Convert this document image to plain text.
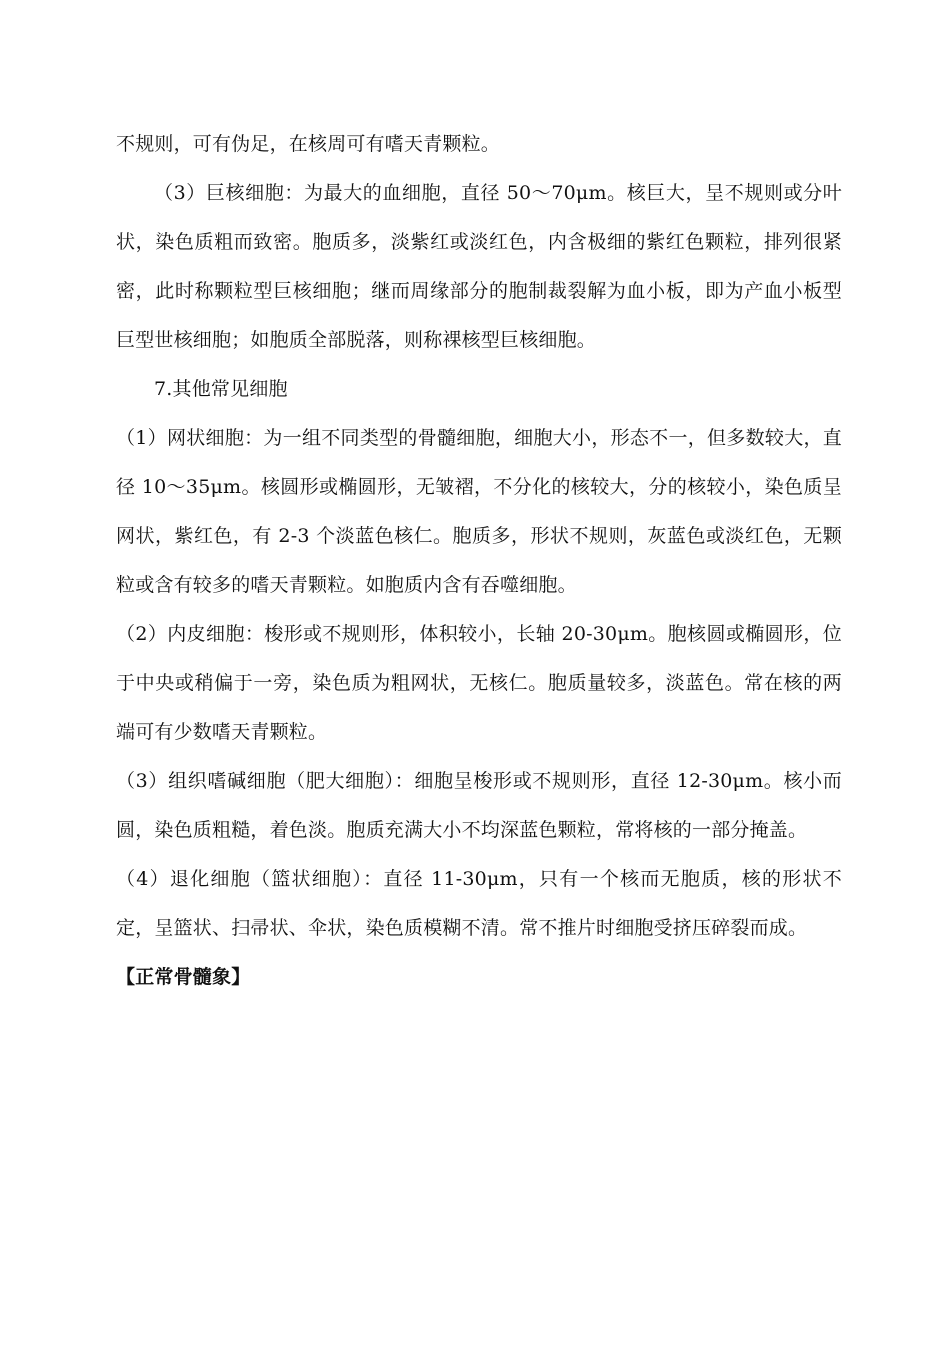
不规则，可有伪足，在核周可有嗜天青颗粒。

（3）巨核细胞：为最大的血细胞，直径 50～70μm。核巨大，呈不规则或分叶状，染色质粗而致密。胞质多，淡紫红或淡红色，内含极细的紫红色颗粒，排列很紧密，此时称颗粒型巨核细胞；继而周缘部分的胞制裁裂解为血小板，即为产血小板型巨型世核细胞；如胞质全部脱落，则称裸核型巨核细胞。

7.其他常见细胞

（1）网状细胞：为一组不同类型的骨髓细胞，细胞大小，形态不一，但多数较大，直径 10～35μm。核圆形或椭圆形，无皱褶，不分化的核较大，分的核较小，染色质呈网状，紫红色，有 2-3 个淡蓝色核仁。胞质多，形状不规则，灰蓝色或淡红色，无颗粒或含有较多的嗜天青颗粒。如胞质内含有吞噬细胞。

（2）内皮细胞：梭形或不规则形，体积较小，长轴 20-30μm。胞核圆或椭圆形，位于中央或稍偏于一旁，染色质为粗网状，无核仁。胞质量较多，淡蓝色。常在核的两端可有少数嗜天青颗粒。

（3）组织嗜碱细胞（肥大细胞）：细胞呈梭形或不规则形，直径 12-30μm。核小而圆，染色质粗糙，着色淡。胞质充满大小不均深蓝色颗粒，常将核的一部分掩盖。

（4）退化细胞（篮状细胞）：直径 11-30μm，只有一个核而无胞质，核的形状不定，呈篮状、扫帚状、伞状，染色质模糊不清。常不推片时细胞受挤压碎裂而成。

【正常骨髓象】
